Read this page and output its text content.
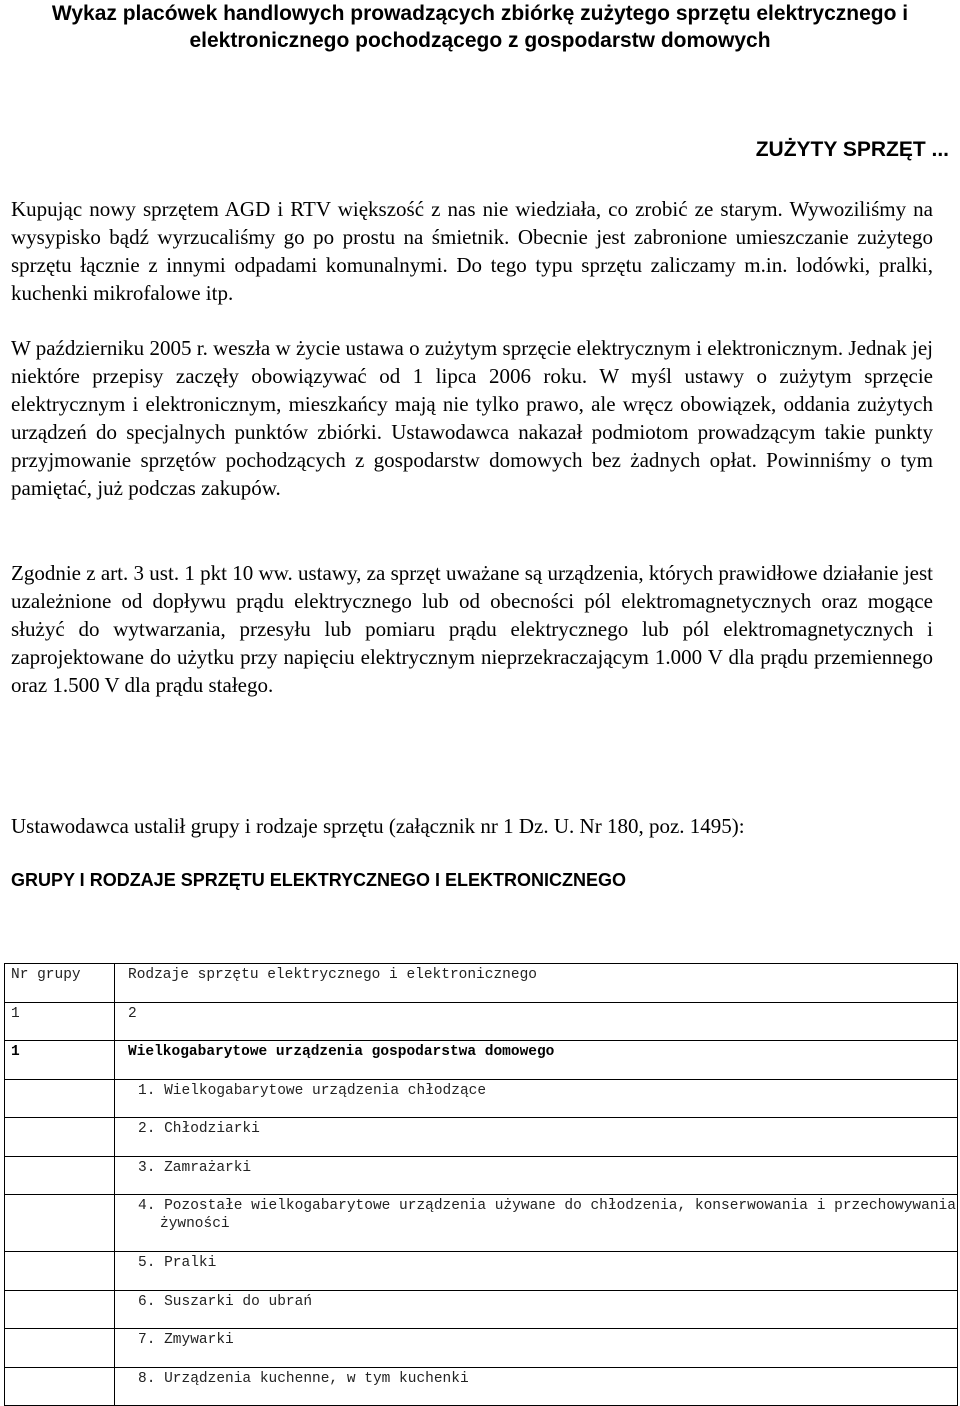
Wykaz placówek handlowych prowadzących zbiórkę zużytego sprzętu elektrycznego i
elektronicznego pochodzącego z gospodarstw domowych
ZUŻYTY SPRZĘT ...

Kupując nowy sprzętem AGD i RTV większość z nas nie wiedziała, co zrobić ze starym. Wywoziliśmy na wysypisko bądź wyrzucaliśmy go po prostu na śmietnik. Obecnie jest zabronione umieszczanie zużytego sprzętu łącznie z innymi odpadami komunalnymi. Do tego typu sprzętu zaliczamy m.in. lodówki, pralki, kuchenki mikrofalowe itp.

W październiku 2005 r. weszła w życie ustawa o zużytym sprzęcie elektrycznym i elektronicznym. Jednak jej niektóre przepisy zaczęły obowiązywać od 1 lipca 2006 roku. W myśl ustawy o zużytym sprzęcie elektrycznym i elektronicznym, mieszkańcy mają nie tylko prawo, ale wręcz obowiązek, oddania zużytych urządzeń do specjalnych punktów zbiórki. Ustawodawca nakazał podmiotom prowadzącym takie punkty przyjmowanie sprzętów pochodzących z gospodarstw domowych bez żadnych opłat. Powinniśmy o tym pamiętać, już podczas zakupów.

Zgodnie z art. 3 ust. 1 pkt 10 ww. ustawy, za sprzęt uważane są urządzenia, których prawidłowe działanie jest uzależnione od dopływu prądu elektrycznego lub od obecności pól elektromagnetycznych oraz mogące służyć do wytwarzania, przesyłu lub pomiaru prądu elektrycznego lub pól elektromagnetycznych i zaprojektowane do użytku przy napięciu elektrycznym nieprzekraczającym 1.000 V dla prądu przemiennego oraz 1.500 V dla prądu stałego.

Ustawodawca ustalił grupy i rodzaje sprzętu (załącznik nr 1 Dz. U. Nr 180, poz. 1495):

GRUPY I RODZAJE SPRZĘTU ELEKTRYCZNEGO I ELEKTRONICZNEGO

Nr grupy	Rodzaje sprzętu elektrycznego i elektronicznego

1	2

1	Wielkogabarytowe urządzenia gospodarstwa domowego

	1. Wielkogabarytowe urządzenia chłodzące

	2. Chłodziarki

	3. Zamrażarki

	4. Pozostałe wielkogabarytowe urządzenia używane do chłodzenia, konserwowania i przechowywania żywności

	5. Pralki

	6. Suszarki do ubrań

	7. Zmywarki

	8. Urządzenia kuchenne, w tym kuchenki
